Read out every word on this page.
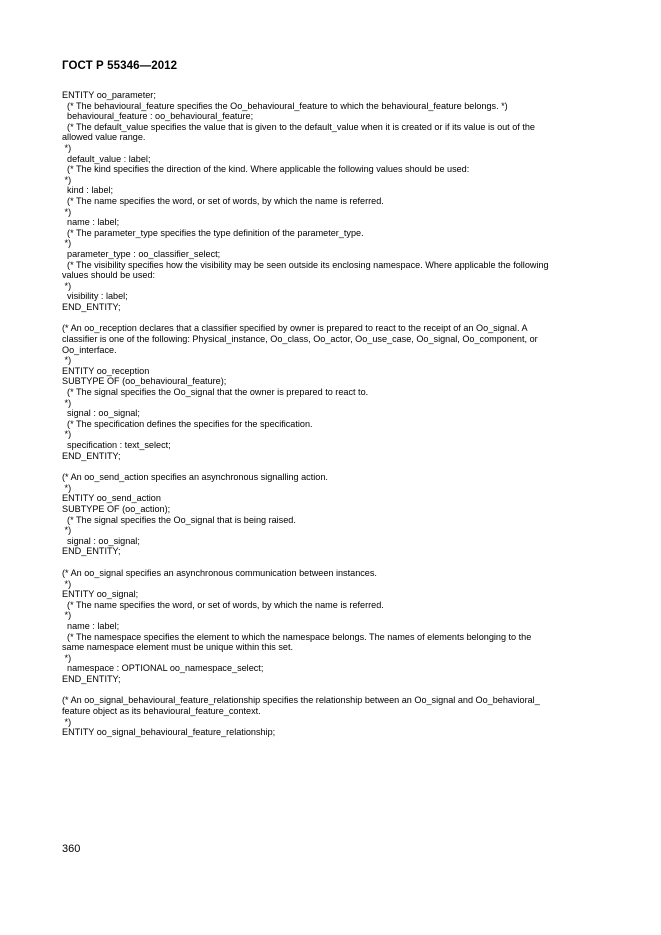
ГОСТ Р 55346—2012
ENTITY oo_parameter;
(* The behavioural_feature specifies the Oo_behavioural_feature to which the behavioural_feature belongs. *)
behavioural_feature : oo_behavioural_feature;
(* The default_value specifies the value that is given to the default_value when it is created or if its value is out of the
allowed value range.
*)
default_value : label;
(* The kind specifies the direction of the kind. Where applicable the following values should be used:
*)
kind : label;
(* The name specifies the word, or set of words, by which the name is referred.
*)
name : label;
(* The parameter_type specifies the type definition of the parameter_type.
*)
parameter_type : oo_classifier_select;
(* The visibility specifies how the visibility may be seen outside its enclosing namespace. Where applicable the following
values should be used:
*)
visibility : label;
END_ENTITY;
(* An oo_reception declares that a classifier specified by owner is prepared to react to the receipt of an Oo_signal. A
classifier is one of the following: Physical_instance, Oo_class, Oo_actor, Oo_use_case, Oo_signal, Oo_component, or
Oo_interface.
*)
ENTITY oo_reception
SUBTYPE OF (oo_behavioural_feature);
(* The signal specifies the Oo_signal that the owner is prepared to react to.
*)
signal : oo_signal;
(* The specification defines the specifies for the specification.
*)
specification : text_select;
END_ENTITY;
(* An oo_send_action specifies an asynchronous signalling action.
*)
ENTITY oo_send_action
SUBTYPE OF (oo_action);
(* The signal specifies the Oo_signal that is being raised.
*)
signal : oo_signal;
END_ENTITY;
(* An oo_signal specifies an asynchronous communication between instances.
*)
ENTITY oo_signal;
(* The name specifies the word, or set of words, by which the name is referred.
*)
name : label;
(* The namespace specifies the element to which the namespace belongs. The names of elements belonging to the
same namespace element must be unique within this set.
*)
namespace : OPTIONAL oo_namespace_select;
END_ENTITY;
(* An oo_signal_behavioural_feature_relationship specifies the relationship between an Oo_signal and Oo_behavioral_
feature object as its behavioural_feature_context.
*)
ENTITY oo_signal_behavioural_feature_relationship;
360
